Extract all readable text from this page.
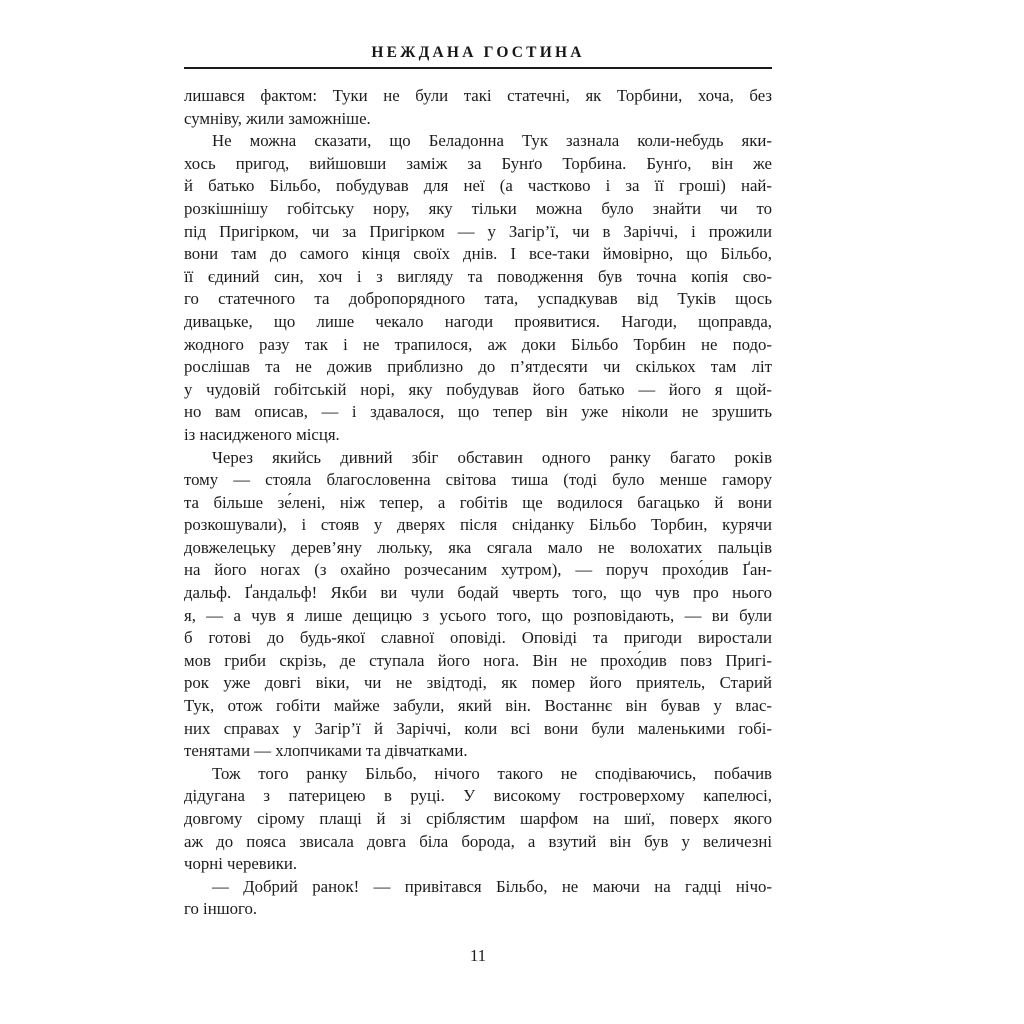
НЕЖДАНА ГОСТИНА
лишався фактом: Туки не були такі статечні, як Торбини, хоча, без
сумніву, жили заможніше.
Не можна сказати, що Беладонна Тук зазнала коли-небудь яки-
хось пригод, вийшовши заміж за Бунґо Торбина. Бунґо, він же
й батько Більбо, побудував для неї (а частково і за її гроші) най-
розкішнішу гобітську нору, яку тільки можна було знайти чи то
під Пригірком, чи за Пригірком — у Загір’ї, чи в Заріччі, і прожили
вони там до самого кінця своїх днів. І все-таки ймовірно, що Більбо,
її єдиний син, хоч і з вигляду та поводження був точна копія сво-
го статечного та добропорядного тата, успадкував від Туків щось
дивацьке, що лише чекало нагоди проявитися. Нагоди, щоправда,
жодного разу так і не трапилося, аж доки Більбо Торбин не подо-
рослішав та не дожив приблизно до п’ятдесяти чи скількох там літ
у чудовій гобітській норі, яку побудував його батько — його я щой-
но вам описав, — і здавалося, що тепер він уже ніколи не зрушить
із насидженого місця.
Через якийсь дивний збіг обставин одного ранку багато років
тому — стояла благословенна світова тиша (тоді було менше гамору
та більше зе́лені, ніж тепер, а гобітів ще водилося багацько й вони
розкошували), і стояв у дверях після сніданку Більбо Торбин, курячи
довжелецьку дерев’яну люльку, яка сягала мало не волохатих пальців
на його ногах (з охайно розчесаним хутром), — поруч прохо́див Ґан-
дальф. Ґандальф! Якби ви чули бодай чверть того, що чув про нього
я, — а чув я лише дещицю з усього того, що розповідають, — ви були
б готові до будь-якої славної оповіді. Оповіді та пригоди виростали
мов гриби скрізь, де ступала його нога. Він не прохо́див повз Пригі-
рок уже довгі віки, чи не звідтоді, як помер його приятель, Старий
Тук, отож гобіти майже забули, який він. Востаннє він бував у влас-
них справах у Загір’ї й Заріччі, коли всі вони були маленькими гобі-
тенятами — хлопчиками та дівчатками.
Тож того ранку Більбо, нічого такого не сподіваючись, побачив
дідугана з патерицею в руці. У високому гостроверхому капелюсі,
довгому сірому плащі й зі сріблястим шарфом на шиї, поверх якого
аж до пояса звисала довга біла борода, а взутий він був у величезні
чорні черевики.
— Добрий ранок! — привітався Більбо, не маючи на гадці нічо-
го іншого.
11
